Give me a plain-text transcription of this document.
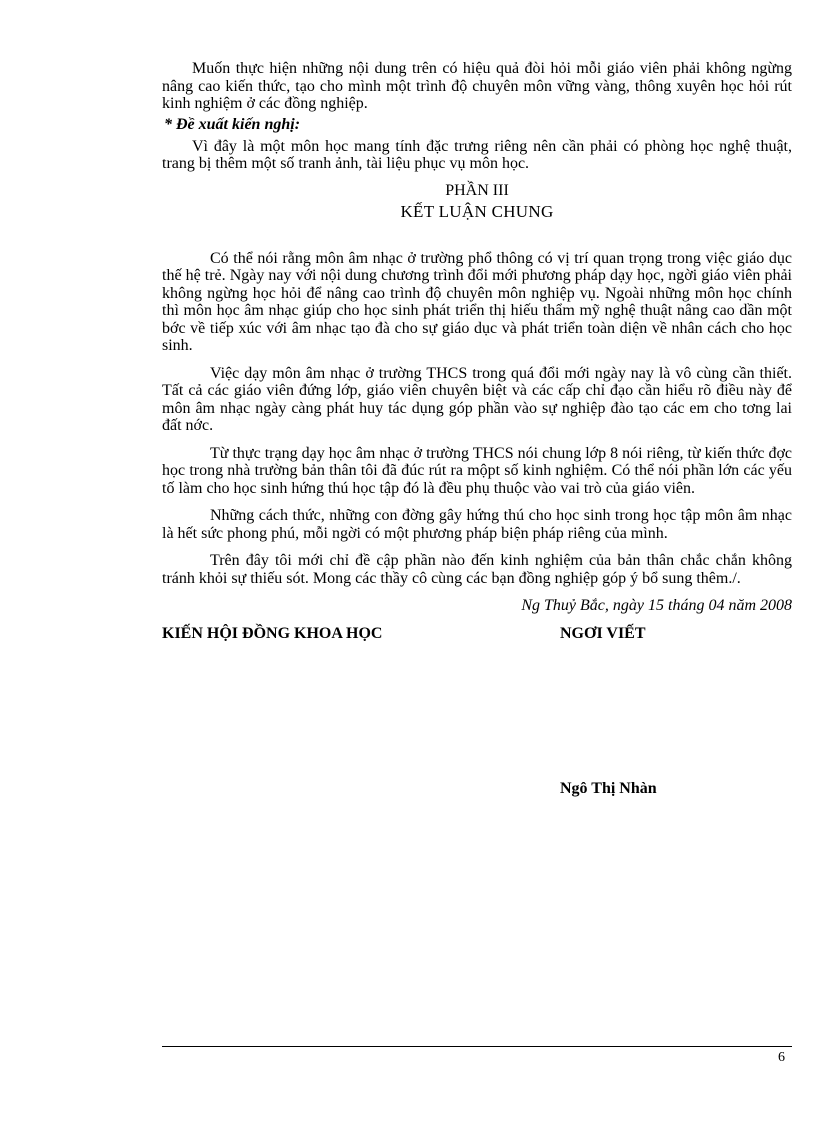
Muốn thực hiện những nội dung trên có hiệu quả đòi hỏi mỗi giáo viên phải không ngừng nâng cao kiến thức, tạo cho mình một trình độ chuyên môn vững vàng, thông xuyên học hỏi rút kinh nghiệm ở các đồng nghiệp.

* Đề xuất kiến nghị:

Vì đây là một môn học mang tính đặc trưng riêng nên cần phải có phòng học nghệ thuật, trang bị thêm một số tranh ảnh, tài liệu phục vụ môn học.

PHẦN III

KẾT LUẬN CHUNG

Có thể nói rằng môn âm nhạc ở trường phổ thông có vị trí quan trọng trong việc giáo dục thế hệ trẻ. Ngày nay với nội dung chương trình đổi mới phương pháp dạy học, ngời giáo viên phải không ngừng học hỏi để nâng cao trình độ chuyên môn nghiệp vụ. Ngoài những môn học chính thì môn học âm nhạc giúp cho học sinh phát triển thị hiếu thẩm mỹ nghệ thuật nâng cao dần một bớc về tiếp xúc với âm nhạc tạo đà cho sự giáo dục và phát triển toàn diện về nhân cách cho học sinh.

Việc dạy môn âm nhạc ở trường THCS trong quá đổi mới ngày nay là vô cùng cần thiết. Tất cả các giáo viên đứng lớp, giáo viên chuyên biệt và các cấp chỉ đạo cần hiểu rõ điều này để môn âm nhạc ngày càng phát huy tác dụng góp phần vào sự nghiệp đào tạo các em cho tơng lai đất nớc.

Từ thực trạng dạy học âm nhạc ở trường THCS nói chung lớp 8 nói riêng, từ kiến thức đợc học trong nhà trường bản thân tôi đã đúc rút ra mộpt số kinh nghiệm. Có thể nói phần lớn các yếu tố làm cho học sinh hứng thú học tập đó là đều phụ thuộc vào vai trò của giáo viên.

Những cách thức, những con đờng gây hứng thú cho học sinh trong học tập môn âm nhạc là hết sức phong phú, mỗi ngời có một phương pháp biện pháp riêng của mình.

Trên đây tôi mới chỉ đề cập phần nào đến kinh nghiệm của bản thân chắc chắn không tránh khỏi sự thiếu sót. Mong các thầy cô cùng các bạn đồng nghiệp góp ý bổ sung thêm./.

Ng Thuỷ Bắc, ngày 15 tháng 04 năm 2008

KIẾN HỘI ĐỒNG KHOA HỌC	NGƠI VIẾT
Ngô Thị Nhàn
6
